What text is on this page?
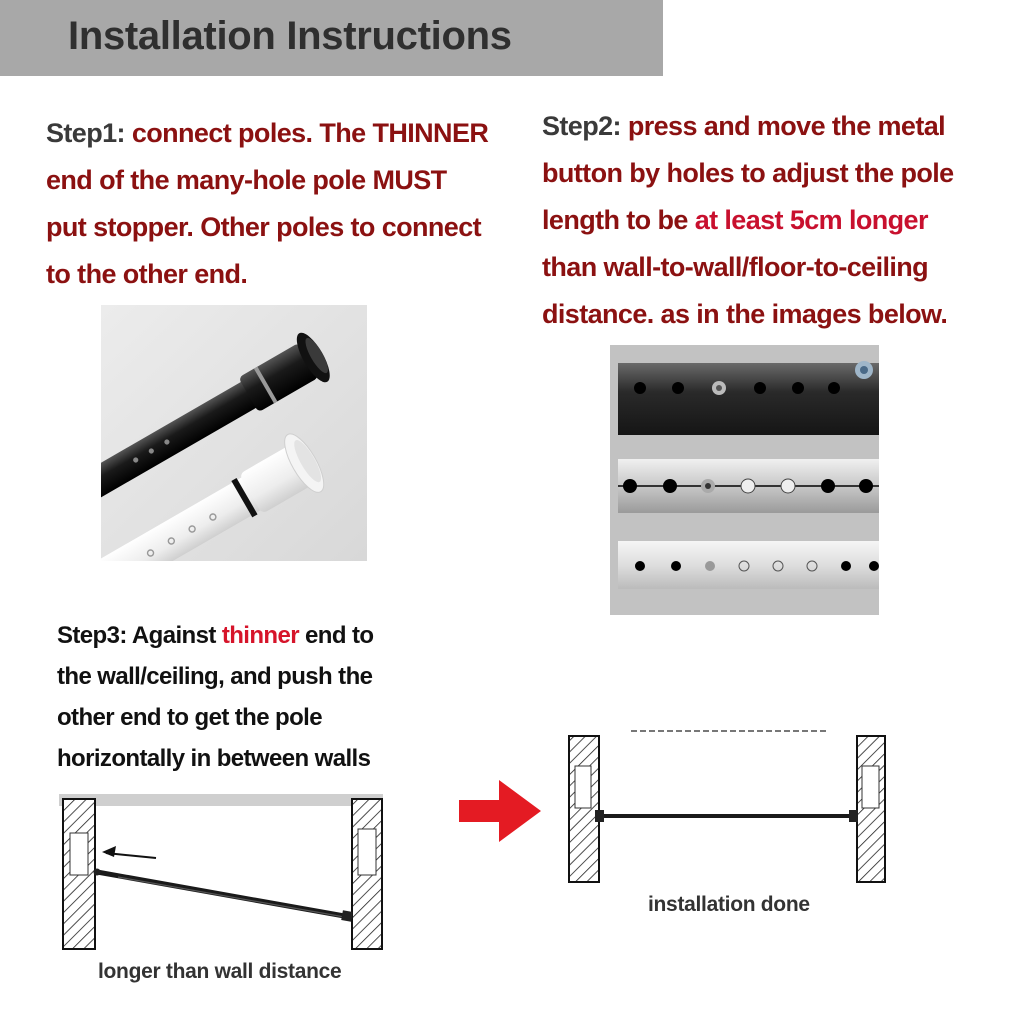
Installation Instructions
Step1: connect poles. The THINNER
end of the many-hole pole MUST
put stopper. Other poles to connect
to the other end.
Step2: press and move the metal
button by holes to adjust the pole
length to be at least 5cm longer
than wall-to-wall/floor-to-ceiling
distance. as in the images below.
Step3: Against thinner end to
the wall/ceiling, and push the
other end to get the pole
horizontally in between walls
installation done
longer than wall distance
